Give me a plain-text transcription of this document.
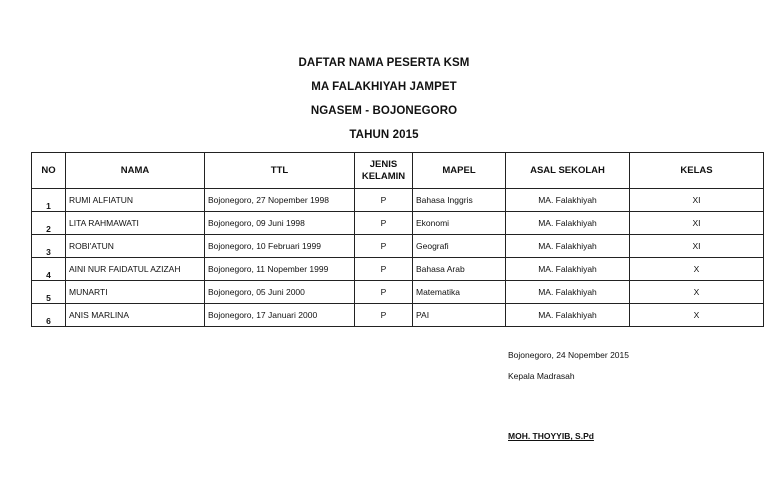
DAFTAR NAMA PESERTA KSM
MA FALAKHIYAH JAMPET
NGASEM - BOJONEGORO
TAHUN 2015
NO	NAMA	TTL	JENIS KELAMIN	MAPEL	ASAL SEKOLAH	KELAS
1	RUMI ALFIATUN	Bojonegoro, 27 Nopember 1998	P	Bahasa Inggris	MA. Falakhiyah	XI
2	LITA RAHMAWATI	Bojonegoro, 09 Juni 1998	P	Ekonomi	MA. Falakhiyah	XI
3	ROBI'ATUN	Bojonegoro, 10 Februari 1999	P	Geografi	MA. Falakhiyah	XI
4	AINI NUR FAIDATUL AZIZAH	Bojonegoro, 11 Nopember 1999	P	Bahasa Arab	MA. Falakhiyah	X
5	MUNARTI	Bojonegoro, 05 Juni 2000	P	Matematika	MA. Falakhiyah	X
6	ANIS MARLINA	Bojonegoro, 17 Januari 2000	P	PAI	MA. Falakhiyah	X
Bojonegoro, 24 Nopember 2015
Kepala Madrasah
MOH. THOYYIB, S.Pd
